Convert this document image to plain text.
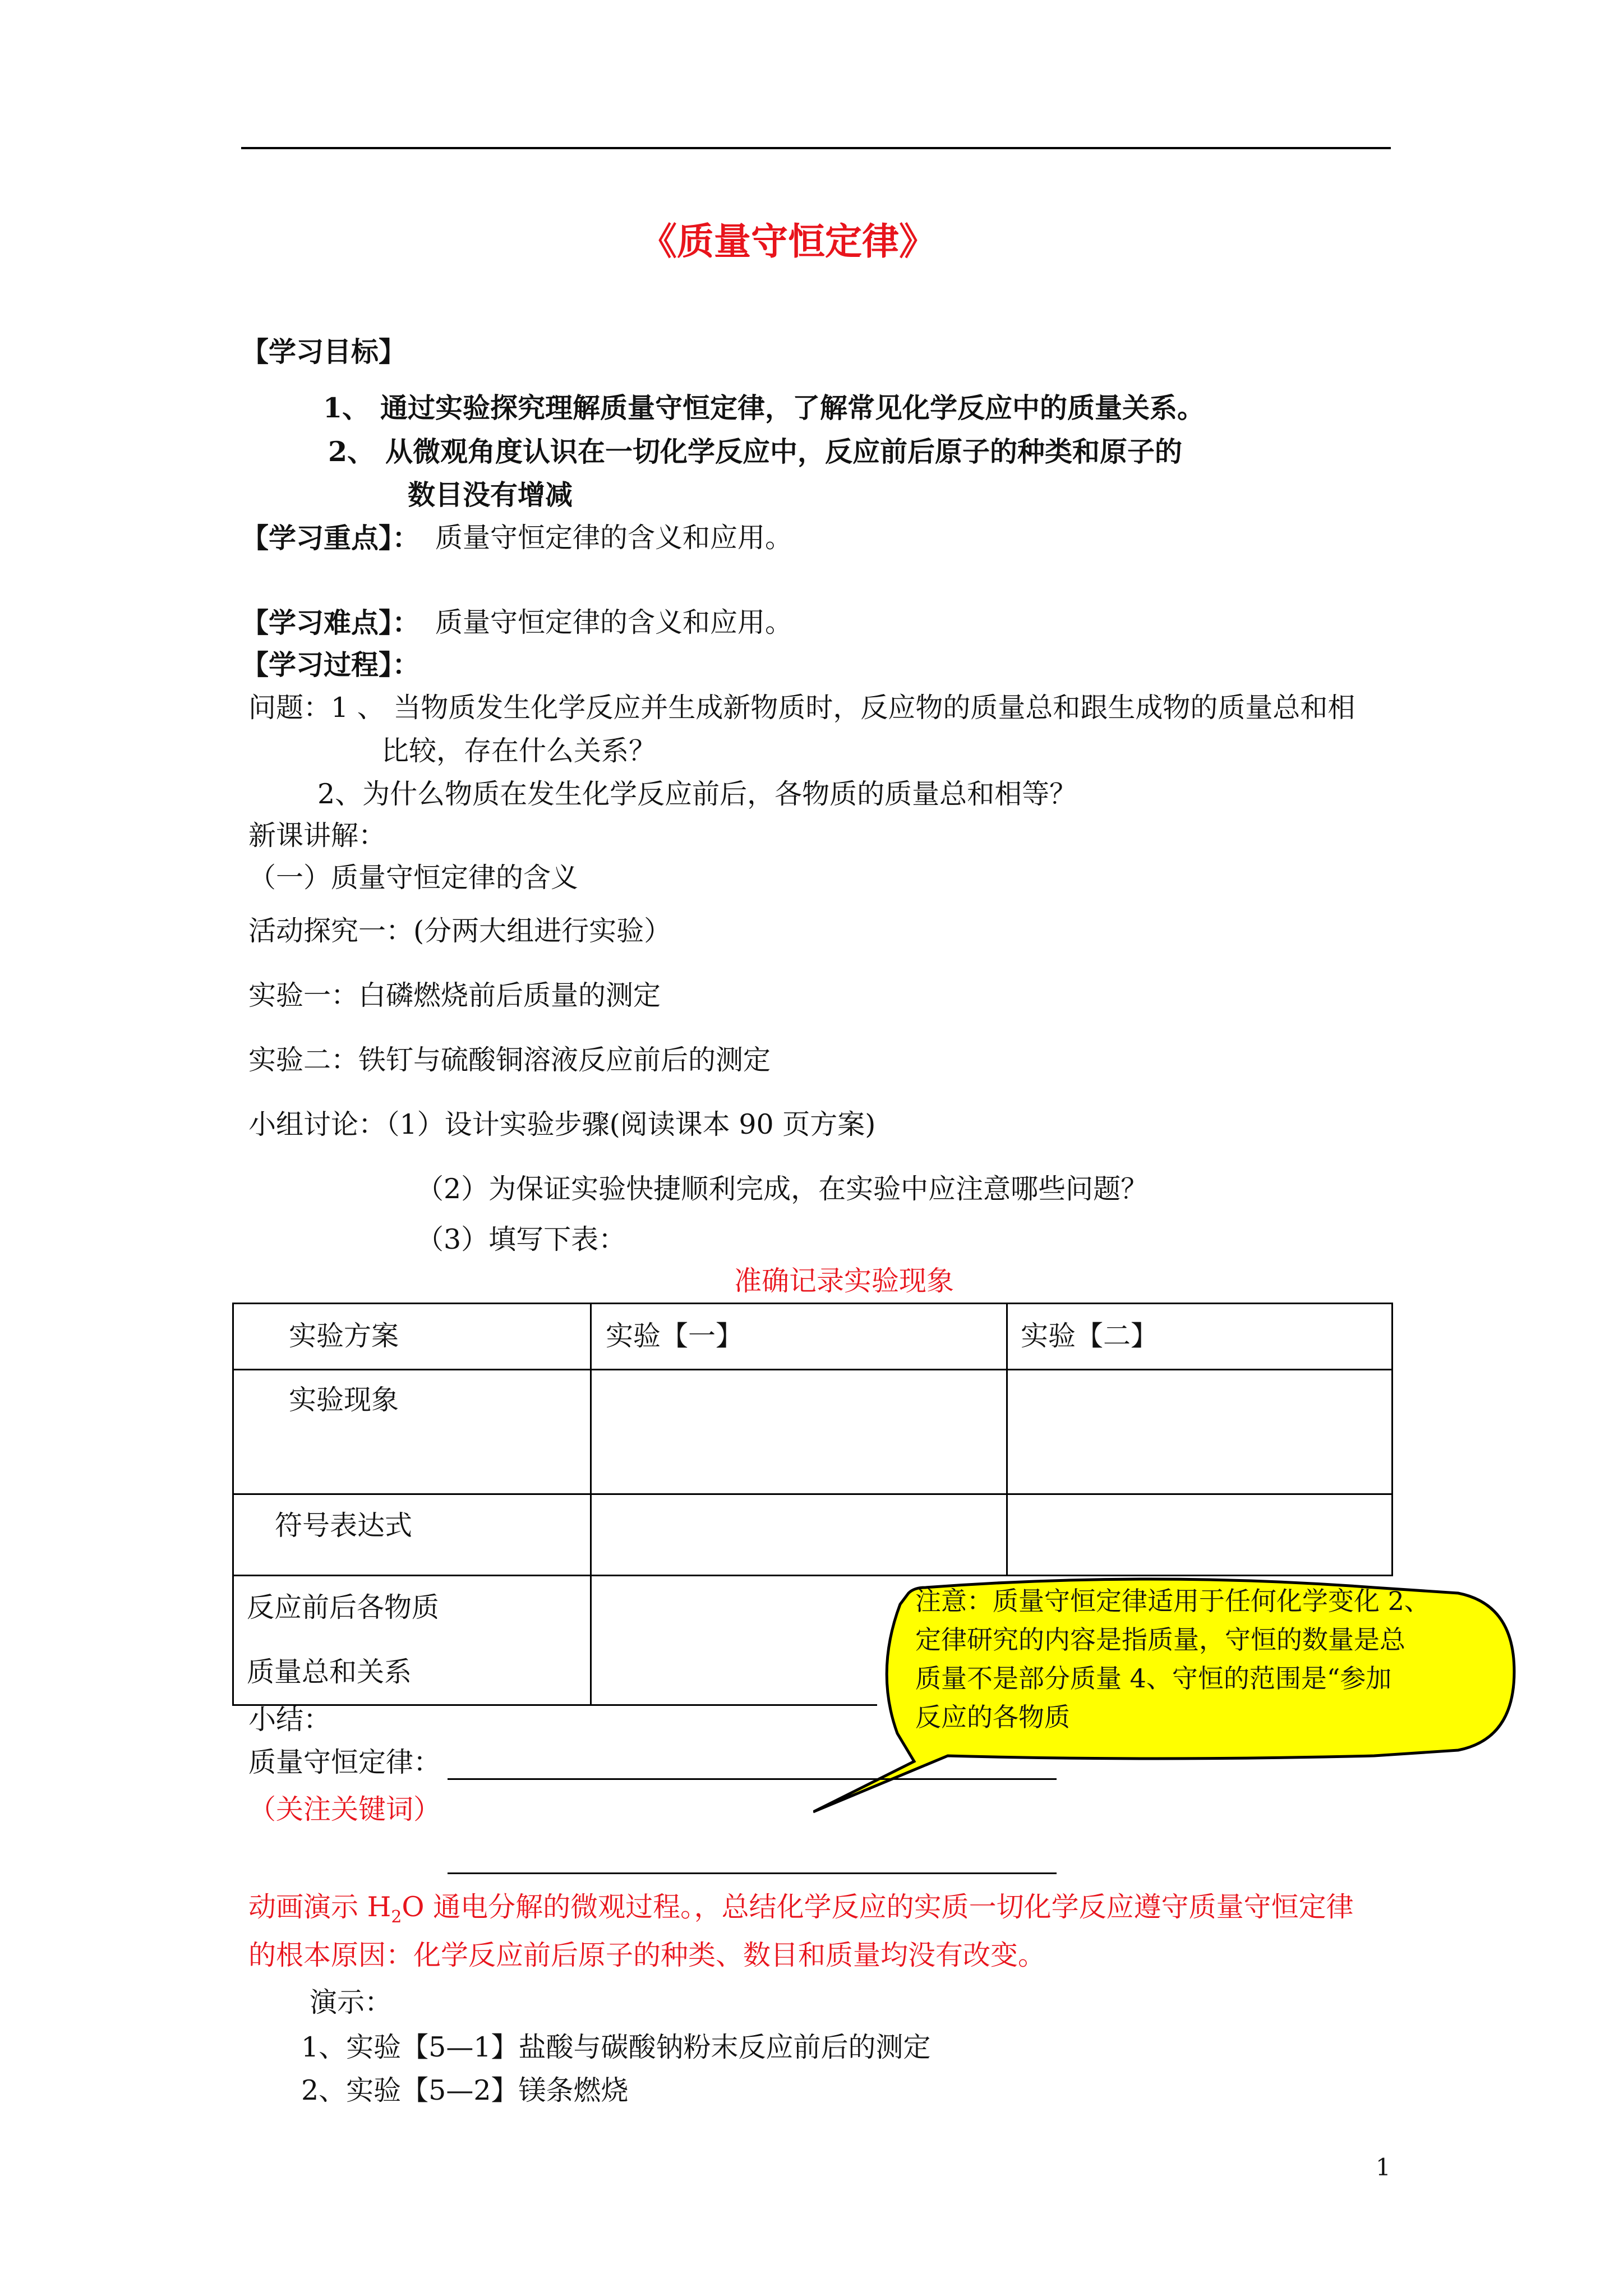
《质量守恒定律》
【学习目标】
1、 通过实验探究理解质量守恒定律，了解常见化学反应中的质量关系。
2、 从微观角度认识在一切化学反应中，反应前后原子的种类和原子的
数目没有增减
【学习重点】： 质量守恒定律的含义和应用。
【学习难点】： 质量守恒定律的含义和应用。
【学习过程】：
问题：1 、 当物质发生化学反应并生成新物质时，反应物的质量总和跟生成物的质量总和相
比较，存在什么关系？
2、为什么物质在发生化学反应前后，各物质的质量总和相等？
新课讲解：
（一）质量守恒定律的含义
活动探究一：(分两大组进行实验）
实验一：白磷燃烧前后质量的测定
实验二：铁钉与硫酸铜溶液反应前后的测定
小组讨论：（1）设计实验步骤(阅读课本 90 页方案)
（2）为保证实验快捷顺利完成，在实验中应注意哪些问题？
（3）填写下表：
准确记录实验现象
实验方案	实验【一】	实验【二】
实验现象
符号表达式
反应前后各物质
质量总和关系
注意：质量守恒定律适用于任何化学变化 2、
定律研究的内容是指质量，守恒的数量是总
质量不是部分质量 4、守恒的范围是“参加
反应的各物质
小结：
质量守恒定律：
（关注关键词）
动画演示 $H_2O$ 通电分解的微观过程。，总结化学反应的实质一切化学反应遵守质量守恒定律
的根本原因：化学反应前后原子的种类、数目和质量均没有改变。
演示：
1、实验【5—1】盐酸与碳酸钠粉末反应前后的测定
2、实验【5—2】镁条燃烧
1
